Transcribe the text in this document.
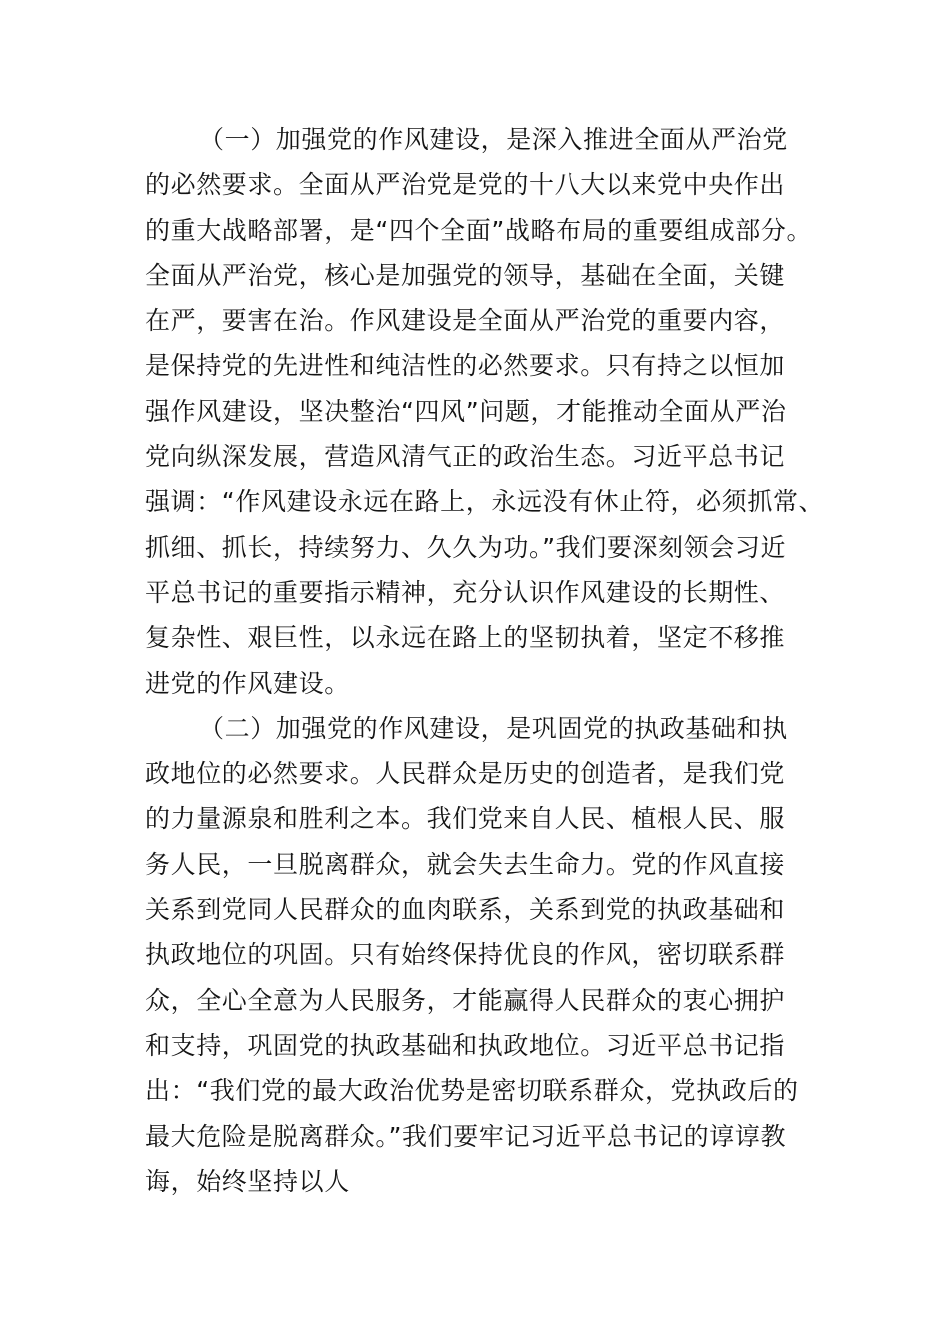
（一）加强党的作风建设，是深入推进全面从严治党
的必然要求。全面从严治党是党的十八大以来党中央作出
的重大战略部署，是“四个全面”战略布局的重要组成部分。
全面从严治党，核心是加强党的领导，基础在全面，关键
在严，要害在治。作风建设是全面从严治党的重要内容，
是保持党的先进性和纯洁性的必然要求。只有持之以恒加
强作风建设，坚决整治“四风”问题，才能推动全面从严治
党向纵深发展，营造风清气正的政治生态。习近平总书记
强调：“作风建设永远在路上，永远没有休止符，必须抓常、
抓细、抓长，持续努力、久久为功。”我们要深刻领会习近
平总书记的重要指示精神，充分认识作风建设的长期性、
复杂性、艰巨性，以永远在路上的坚韧执着，坚定不移推
进党的作风建设。
（二）加强党的作风建设，是巩固党的执政基础和执
政地位的必然要求。人民群众是历史的创造者，是我们党
的力量源泉和胜利之本。我们党来自人民、植根人民、服
务人民，一旦脱离群众，就会失去生命力。党的作风直接
关系到党同人民群众的血肉联系，关系到党的执政基础和
执政地位的巩固。只有始终保持优良的作风，密切联系群
众，全心全意为人民服务，才能赢得人民群众的衷心拥护
和支持，巩固党的执政基础和执政地位。习近平总书记指
出：“我们党的最大政治优势是密切联系群众，党执政后的
最大危险是脱离群众。”我们要牢记习近平总书记的谆谆教
诲，始终坚持以人
